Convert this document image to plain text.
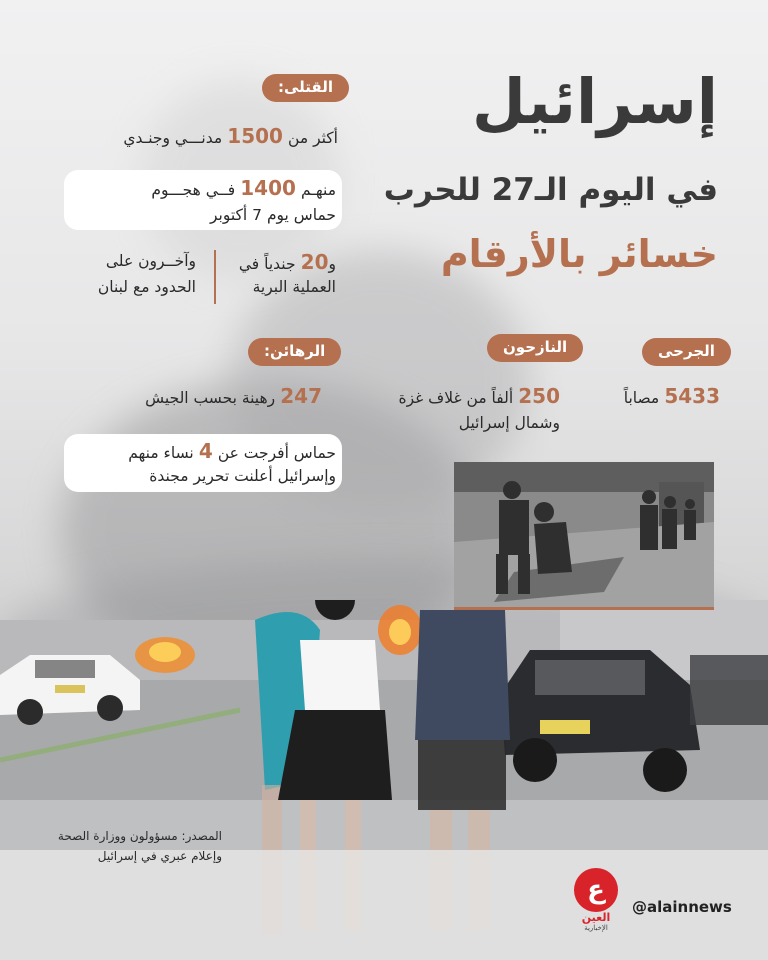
إسرائيل
في اليوم الـ27 للحرب
خسائر بالأرقام
القتلى:
أكثر من 1500 مدنـــي وجنـدي
منهـم 1400 فــي هجـــوم
حماس يوم 7 أكتوبر
و20 جندياً في
العملية البرية
وآخــرون على
الحدود مع لبنان
الرهائن:
247 رهينة بحسب الجيش
حماس أفرجت عن 4 نساء منهم
وإسرائيل أعلنت تحرير مجندة
النازحون
250 ألفاً من غلاف غزة
وشمال إسرائيل
الجرحى
5433 مصاباً
المصدر: مسؤولون ووزارة الصحة
وإعلام عبري في إسرائيل
ع
العين
الإخبارية
@alainnews
